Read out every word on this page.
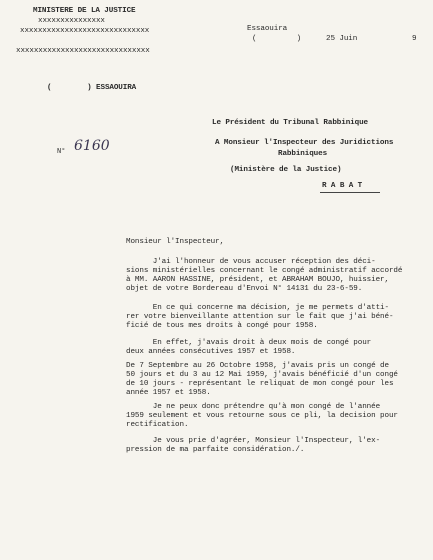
MINISTERE DE LA JUSTICE
xxxxxxxxxxxxxxx
xxxxxxxxxxxxxxxxxxxxxxxxxxxxx
xxxxxxxxxxxxxxxxxxxxxxxxxxxxxx
(        ) ESSAOUIRA
Essaouira
(         )	25 Juin	9
N° 6160
Le Président du Tribunal Rabbinique
A Monsieur l'Inspecteur des Juridictions
Rabbiniques
(Ministère de la Justice)
R A B A T
Monsieur l'Inspecteur,
J'ai l'honneur de vous accuser réception des déci-
sions ministérielles concernant le congé administratif accordé
à MM. AARON HASSINE, président, et ABRAHAM BOUJO, huissier,
objet de votre Bordereau d'Envoi N° 14131 du 23-6-59.
En ce qui concerne ma décision, je me permets d'atti-
rer votre bienveillante attention sur le fait que j'ai béné-
ficié de tous mes droits à congé pour 1958.
En effet, j'avais droit à deux mois de congé pour
deux années consécutives 1957 et 1958.
De 7 Septembre au 26 Octobre 1958, j'avais pris un congé de
50 jours et du 3 au 12 Mai 1959, j'avais bénéficié d'un congé
de 10 jours - représentant le reliquat de mon congé pour les
année 1957 et 1958.
Je ne peux donc prétendre qu'à mon congé de l'année
1959 seulement et vous retourne sous ce pli, la decision pour
rectification.
Je vous prie d'agréer, Monsieur l'Inspecteur, l'ex-
pression de ma parfaite considération./.
